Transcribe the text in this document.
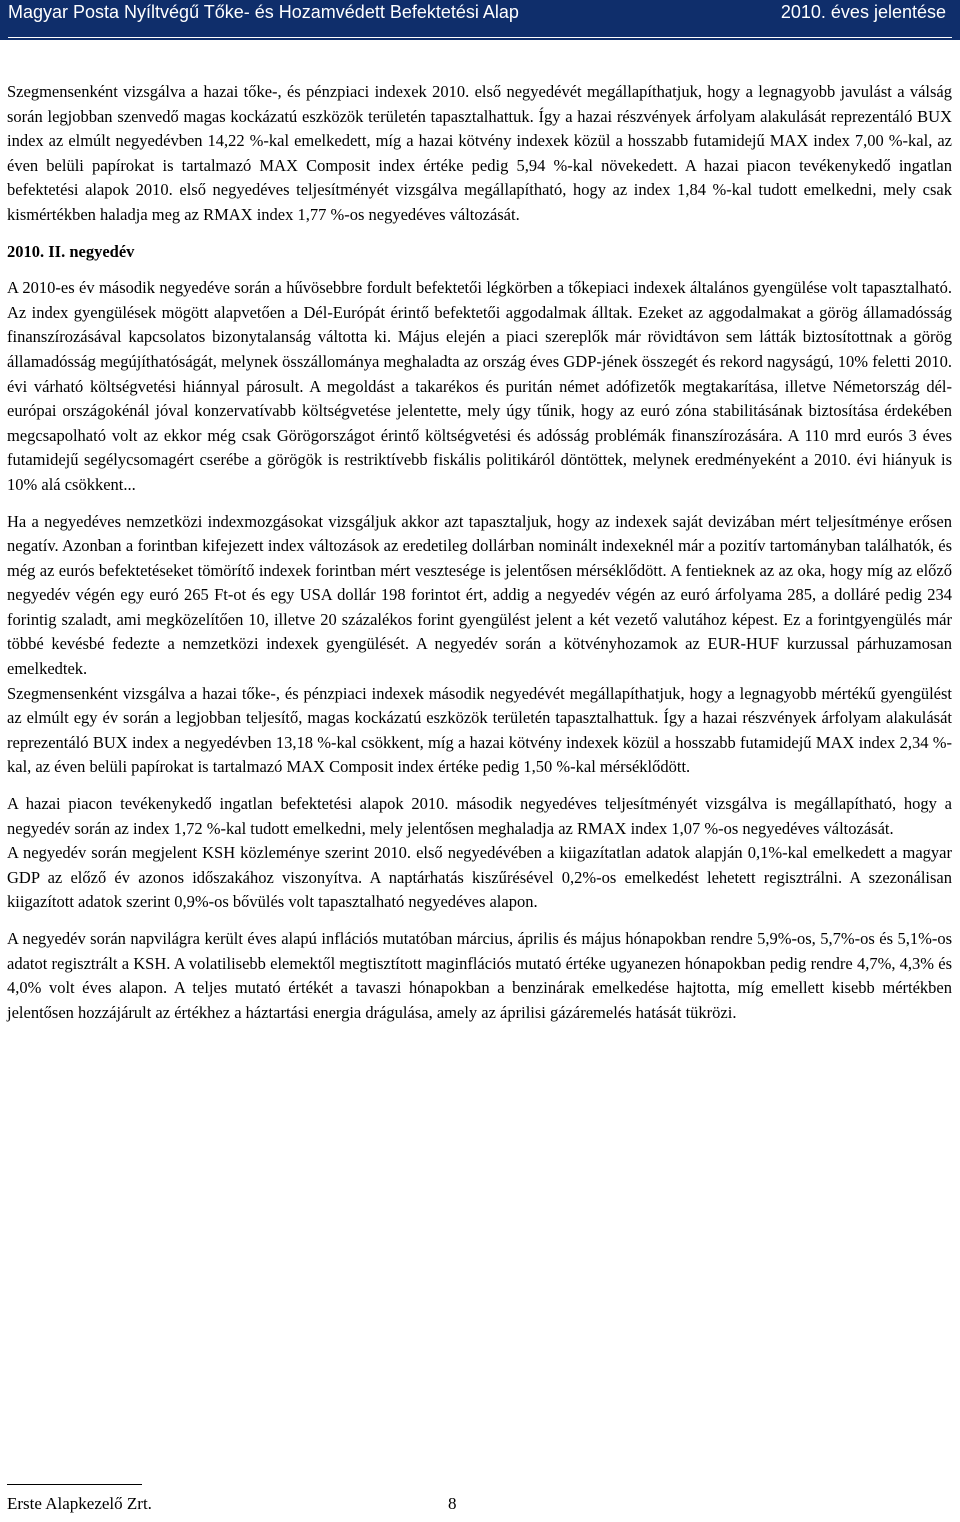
Magyar Posta Nyíltvégű Tőke- és Hozamvédett Befektetési Alap	2010. éves jelentése

Szegmensenként vizsgálva a hazai tőke-, és pénzpiaci indexek 2010. első negyedévét megállapíthatjuk, hogy a legnagyobb javulást a válság során legjobban szenvedő magas kockázatú eszközök területén tapasztalhattuk. Így a hazai részvények árfolyam alakulását reprezentáló BUX index az elmúlt negyedévben 14,22 %-kal emelkedett, míg a hazai kötvény indexek közül a hosszabb futamidejű MAX index 7,00 %-kal, az éven belüli papírokat is tartalmazó MAX Composit index értéke pedig 5,94 %-kal növekedett. A hazai piacon tevékenykedő ingatlan befektetési alapok 2010. első negyedéves teljesítményét vizsgálva megállapítható, hogy az index 1,84 %-kal tudott emelkedni, mely csak kismértékben haladja meg az RMAX index 1,77 %-os negyedéves változását.

2010. II. negyedév

A 2010-es év második negyedéve során a hűvösebbre fordult befektetői légkörben a tőkepiaci indexek általános gyengülése volt tapasztalható. Az index gyengülések mögött alapvetően a Dél-Európát érintő befektetői aggodalmak álltak. Ezeket az aggodalmakat a görög államadósság finanszírozásával kapcsolatos bizonytalanság váltotta ki. Május elején a piaci szereplők már rövidtávon sem látták biztosítottnak a görög államadósság megújíthatóságát, melynek összállománya meghaladta az ország éves GDP-jének összegét és rekord nagyságú, 10% feletti 2010. évi várható költségvetési hiánnyal párosult. A megoldást a takarékos és puritán német adófizetők megtakarítása, illetve Németország dél-európai országokénál jóval konzervatívabb költségvetése jelentette, mely úgy tűnik, hogy az euró zóna stabilitásának biztosítása érdekében megcsapolható volt az ekkor még csak Görögországot érintő költségvetési és adósság problémák finanszírozására. A 110 mrd eurós 3 éves futamidejű segélycsomagért cserébe a görögök is restriktívebb fiskális politikáról döntöttek, melynek eredményeként a 2010. évi hiányuk is 10% alá csökkent...

Ha a negyedéves nemzetközi indexmozgásokat vizsgáljuk akkor azt tapasztaljuk, hogy az indexek saját devizában mért teljesítménye erősen negatív. Azonban a forintban kifejezett index változások az eredetileg dollárban nominált indexeknél már a pozitív tartományban találhatók, és még az eurós befektetéseket tömörítő indexek forintban mért vesztesége is jelentősen mérséklődött. A fentieknek az az oka, hogy míg az előző negyedév végén egy euró 265 Ft-ot és egy USA dollár 198 forintot ért, addig a negyedév végén az euró árfolyama 285, a dolláré pedig 234 forintig szaladt, ami megközelítően 10, illetve 20 százalékos forint gyengülést jelent a két vezető valutához képest. Ez a forintgyengülés már többé kevésbé fedezte a nemzetközi indexek gyengülését. A negyedév során a kötvényhozamok az EUR-HUF kurzussal párhuzamosan emelkedtek.

Szegmensenként vizsgálva a hazai tőke-, és pénzpiaci indexek második negyedévét megállapíthatjuk, hogy a legnagyobb mértékű gyengülést az elmúlt egy év során a legjobban teljesítő, magas kockázatú eszközök területén tapasztalhattuk. Így a hazai részvények árfolyam alakulását reprezentáló BUX index a negyedévben 13,18 %-kal csökkent, míg a hazai kötvény indexek közül a hosszabb futamidejű MAX index 2,34 %-kal, az éven belüli papírokat is tartalmazó MAX Composit index értéke pedig 1,50 %-kal mérséklődött.

A hazai piacon tevékenykedő ingatlan befektetési alapok 2010. második negyedéves teljesítményét vizsgálva is megállapítható, hogy a negyedév során az index 1,72 %-kal tudott emelkedni, mely jelentősen meghaladja az RMAX index 1,07 %-os negyedéves változását.

A negyedév során megjelent KSH közleménye szerint 2010. első negyedévében a kiigazítatlan adatok alapján 0,1%-kal emelkedett a magyar GDP az előző év azonos időszakához viszonyítva. A naptárhatás kiszűrésével 0,2%-os emelkedést lehetett regisztrálni. A szezonálisan kiigazított adatok szerint 0,9%-os bővülés volt tapasztalható negyedéves alapon.

A negyedév során napvilágra került éves alapú inflációs mutatóban március, április és május hónapokban rendre 5,9%-os, 5,7%-os és 5,1%-os adatot regisztrált a KSH. A volatilisebb elemektől megtisztított maginflációs mutató értéke ugyanezen hónapokban pedig rendre 4,7%, 4,3% és 4,0% volt éves alapon. A teljes mutató értékét a tavaszi hónapokban a benzinárak emelkedése hajtotta, míg emellett kisebb mértékben jelentősen hozzájárult az értékhez a háztartási energia drágulása, amely az áprilisi gázáremelés hatását tükrözi.

Erste Alapkezelő Zrt.	8
